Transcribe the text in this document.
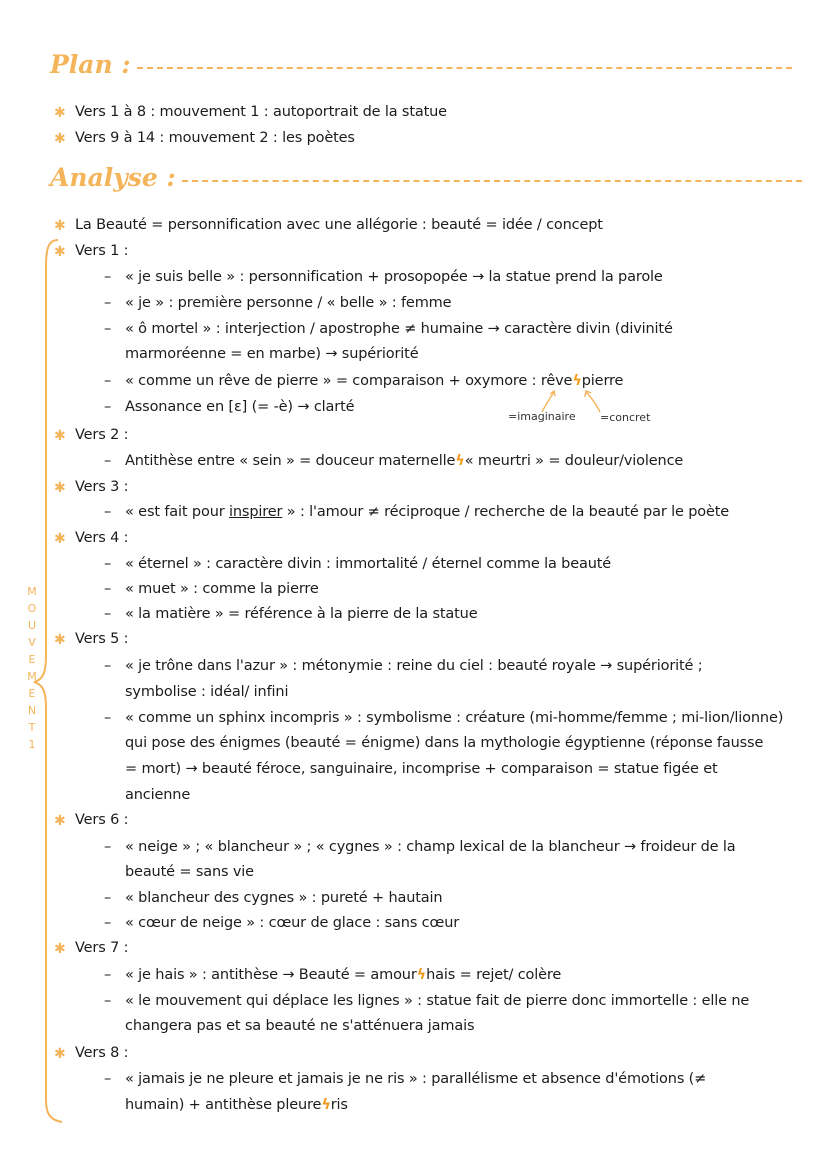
Plan :
✱ Vers 1 à 8 : mouvement 1 : autoportrait de la statue
✱ Vers 9 à 14 : mouvement 2 : les poètes
Analyse :
✱ La Beauté = personnification avec une allégorie : beauté = idée / concept
M
O
U
V
E
M
E
N
T
1
✱ Vers 1 :
– « je suis belle » : personnification + prosopopée → la statue prend la parole
– « je » : première personne / « belle » : femme
– « ô mortel » : interjection / apostrophe ≠ humaine → caractère divin (divinité
marmoréenne = en marbe) → supériorité
– « comme un rêve de pierre » = comparaison + oxymore : rêveϟpierre
– Assonance en [ɛ] (= -è) → clarté
=imaginaire =concret
✱ Vers 2 :
– Antithèse entre « sein » = douceur maternelleϟ« meurtri » = douleur/violence
✱ Vers 3 :
– « est fait pour inspirer » : l'amour ≠ réciproque / recherche de la beauté par le poète
✱ Vers 4 :
– « éternel » : caractère divin : immortalité / éternel comme la beauté
– « muet » : comme la pierre
– « la matière » = référence à la pierre de la statue
✱ Vers 5 :
– « je trône dans l'azur » : métonymie : reine du ciel : beauté royale → supériorité ;
symbolise : idéal/ infini
– « comme un sphinx incompris » : symbolisme : créature (mi-homme/femme ; mi-lion/lionne)
qui pose des énigmes (beauté = énigme) dans la mythologie égyptienne (réponse fausse
= mort) → beauté féroce, sanguinaire, incomprise + comparaison = statue figée et
ancienne
✱ Vers 6 :
– « neige » ; « blancheur » ; « cygnes » : champ lexical de la blancheur → froideur de la
beauté = sans vie
– « blancheur des cygnes » : pureté + hautain
– « cœur de neige » : cœur de glace : sans cœur
✱ Vers 7 :
– « je hais » : antithèse → Beauté = amourϟhais = rejet/ colère
– « le mouvement qui déplace les lignes » : statue fait de pierre donc immortelle : elle ne
changera pas et sa beauté ne s'atténuera jamais
✱ Vers 8 :
– « jamais je ne pleure et jamais je ne ris » : parallélisme et absence d'émotions (≠
humain) + antithèse pleureϟris
